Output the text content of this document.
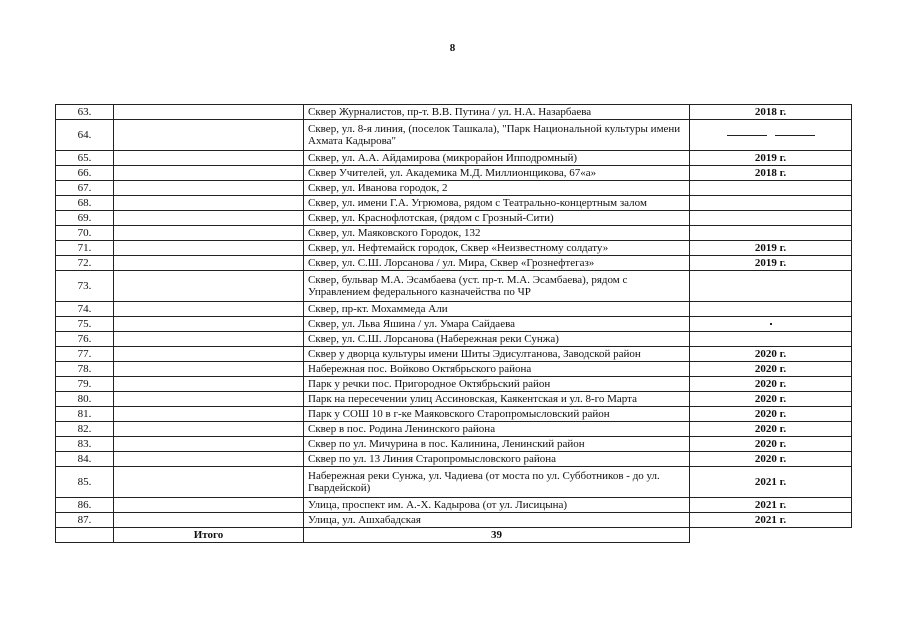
8
63.		Сквер Журналистов, пр-т. В.В. Путина / ул. Н.А. Назарбаева	2018 г.
64.		Сквер, ул. 8-я линия, (поселок Ташкала), "Парк Национальной культуры имени Ахмата Кадырова"	
65.		Сквер, ул. А.А. Айдамирова (микрорайон Ипподромный)	2019 г.
66.		Сквер Учителей, ул. Академика М.Д. Миллионщикова, 67«а»	2018 г.
67.		Сквер, ул. Иванова городок, 2	
68.		Сквер, ул. имени Г.А. Угрюмова, рядом с Театрально-концертным залом	
69.		Сквер, ул. Краснофлотская, (рядом с Грозный-Сити)	
70.		Сквер, ул. Маяковского Городок, 132	
71.		Сквер, ул. Нефтемайск городок, Сквер «Неизвестному солдату»	2019 г.
72.		Сквер, ул. С.Ш. Лорсанова / ул. Мира, Сквер «Грознефтегаз»	2019 г.
73.		Сквер, бульвар М.А. Эсамбаева (уст. пр-т. М.А. Эсамбаева), рядом с Управлением федерального казначейства по ЧР	
74.		Сквер, пр-кт. Мохаммеда Али	
75.		Сквер, ул. Льва Яшина / ул. Умара Сайдаева	
76.		Сквер, ул. С.Ш. Лорсанова (Набережная реки Сунжа)	
77.		Сквер у дворца культуры имени Шиты Эдисултанова, Заводской район	2020 г.
78.		Набережная пос. Войково Октябрьского района	2020 г.
79.		Парк у речки пос. Пригородное Октябрьский район	2020 г.
80.		Парк на пересечении улиц Ассиновская, Каякентская и ул. 8-го Марта	2020 г.
81.		Парк у СОШ 10 в г-ке Маяковского Старопромысловский район	2020 г.
82.		Сквер в пос. Родина Ленинского района	2020 г.
83.		Сквер по ул. Мичурина в пос. Калинина, Ленинский район	2020 г.
84.		Сквер по ул. 13 Линия Старопромысловского района	2020 г.
85.		Набережная реки Сунжа, ул. Чадиева (от моста по ул. Субботников - до ул. Гвардейской)	2021 г.
86.		Улица, проспект им. А.-Х. Кадырова (от ул. Лисицына)	2021 г.
87.		Улица, ул. Ашхабадская	2021 г.
	Итого	39	
